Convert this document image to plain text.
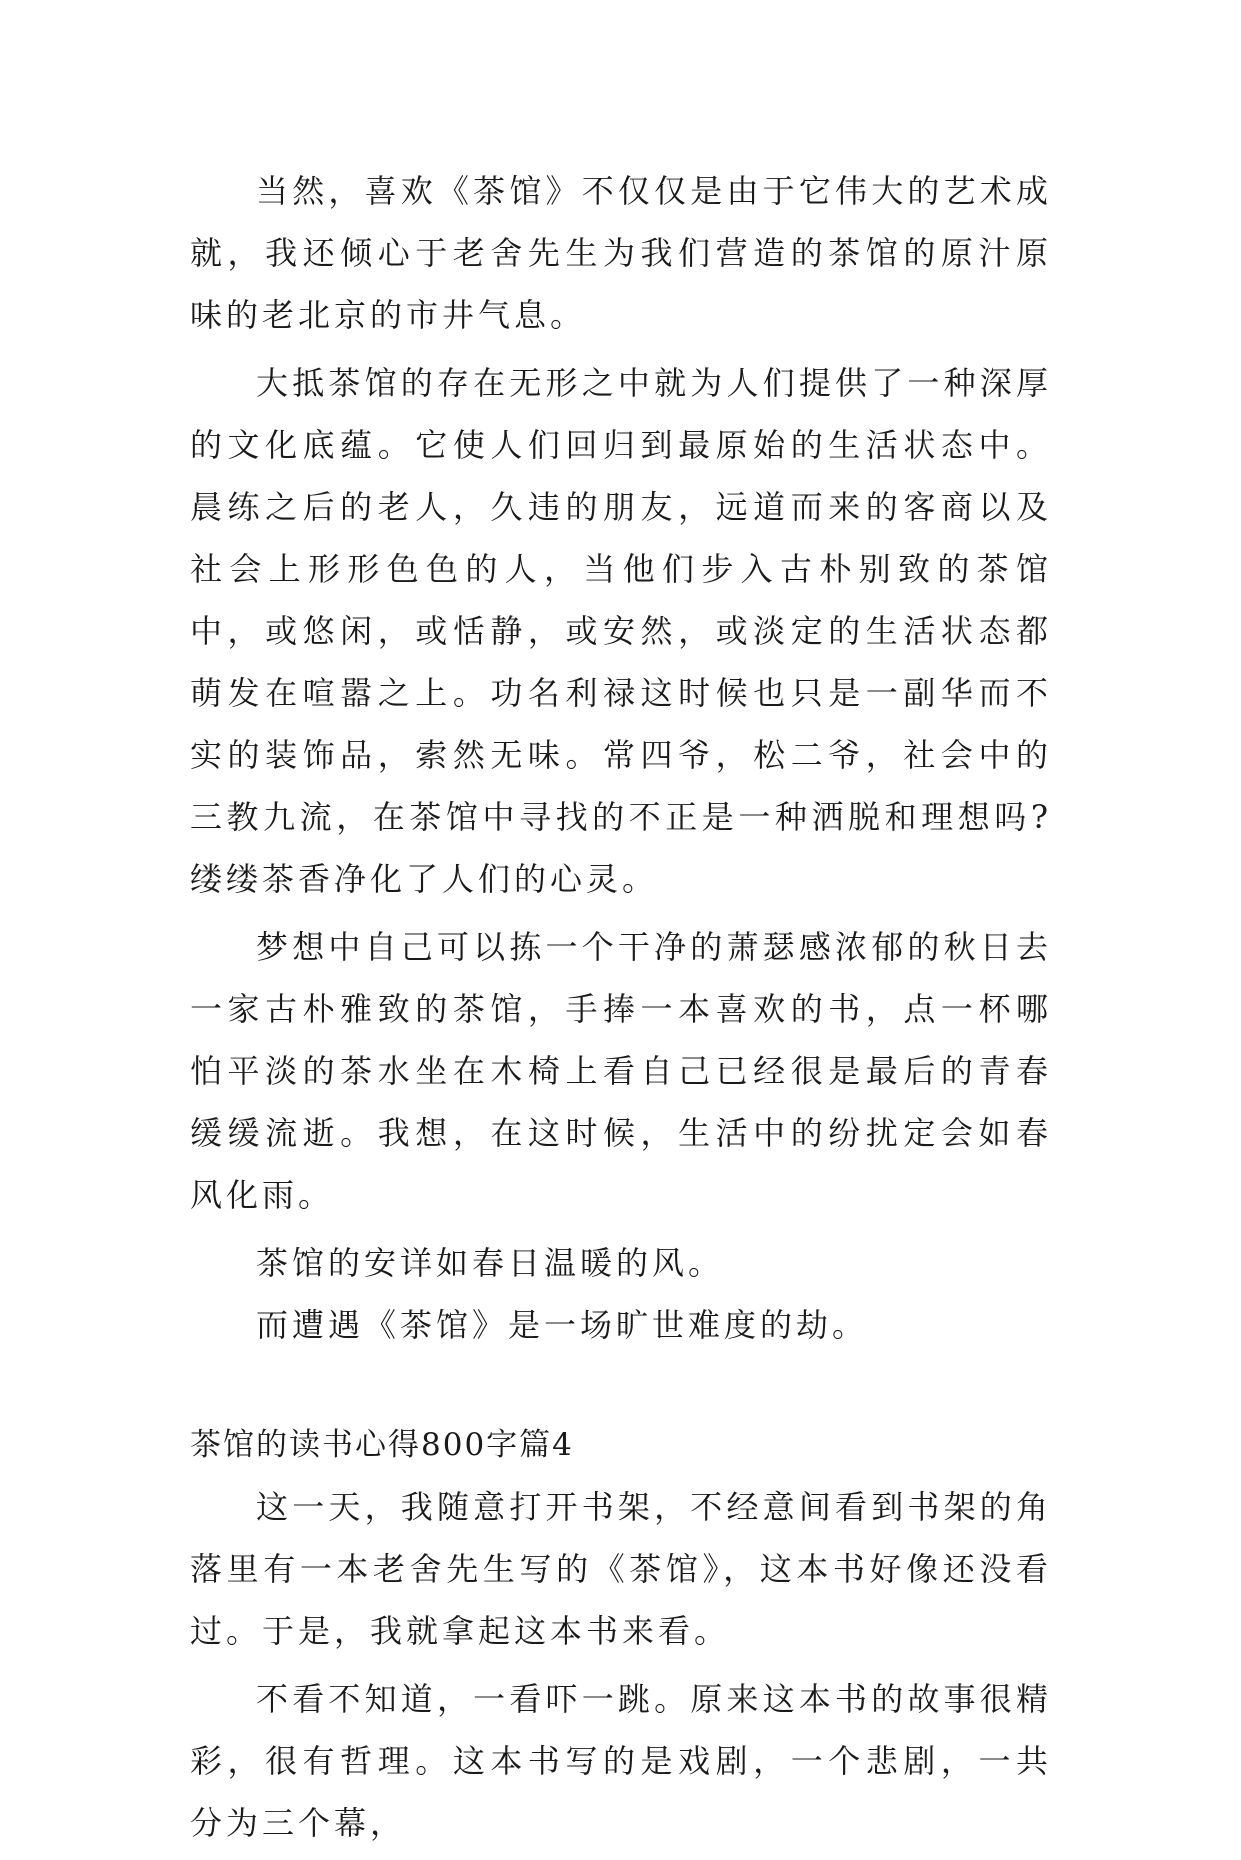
当然，喜欢《茶馆》不仅仅是由于它伟大的艺术成就，我还倾心于老舍先生为我们营造的茶馆的原汁原味的老北京的市井气息。

大抵茶馆的存在无形之中就为人们提供了一种深厚的文化底蕴。它使人们回归到最原始的生活状态中。晨练之后的老人，久违的朋友，远道而来的客商以及社会上形形色色的人，当他们步入古朴别致的茶馆中，或悠闲，或恬静，或安然，或淡定的生活状态都萌发在喧嚣之上。功名利禄这时候也只是一副华而不实的装饰品，索然无味。常四爷，松二爷，社会中的三教九流，在茶馆中寻找的不正是一种洒脱和理想吗?缕缕茶香净化了人们的心灵。

梦想中自己可以拣一个干净的萧瑟感浓郁的秋日去一家古朴雅致的茶馆，手捧一本喜欢的书，点一杯哪怕平淡的茶水坐在木椅上看自己已经很是最后的青春缓缓流逝。我想，在这时候，生活中的纷扰定会如春风化雨。

茶馆的安详如春日温暖的风。

而遭遇《茶馆》是一场旷世难度的劫。

茶馆的读书心得800字篇4

这一天，我随意打开书架，不经意间看到书架的角落里有一本老舍先生写的《茶馆》，这本书好像还没看过。于是，我就拿起这本书来看。

不看不知道，一看吓一跳。原来这本书的故事很精彩，很有哲理。这本书写的是戏剧，一个悲剧，一共分为三个幕，
